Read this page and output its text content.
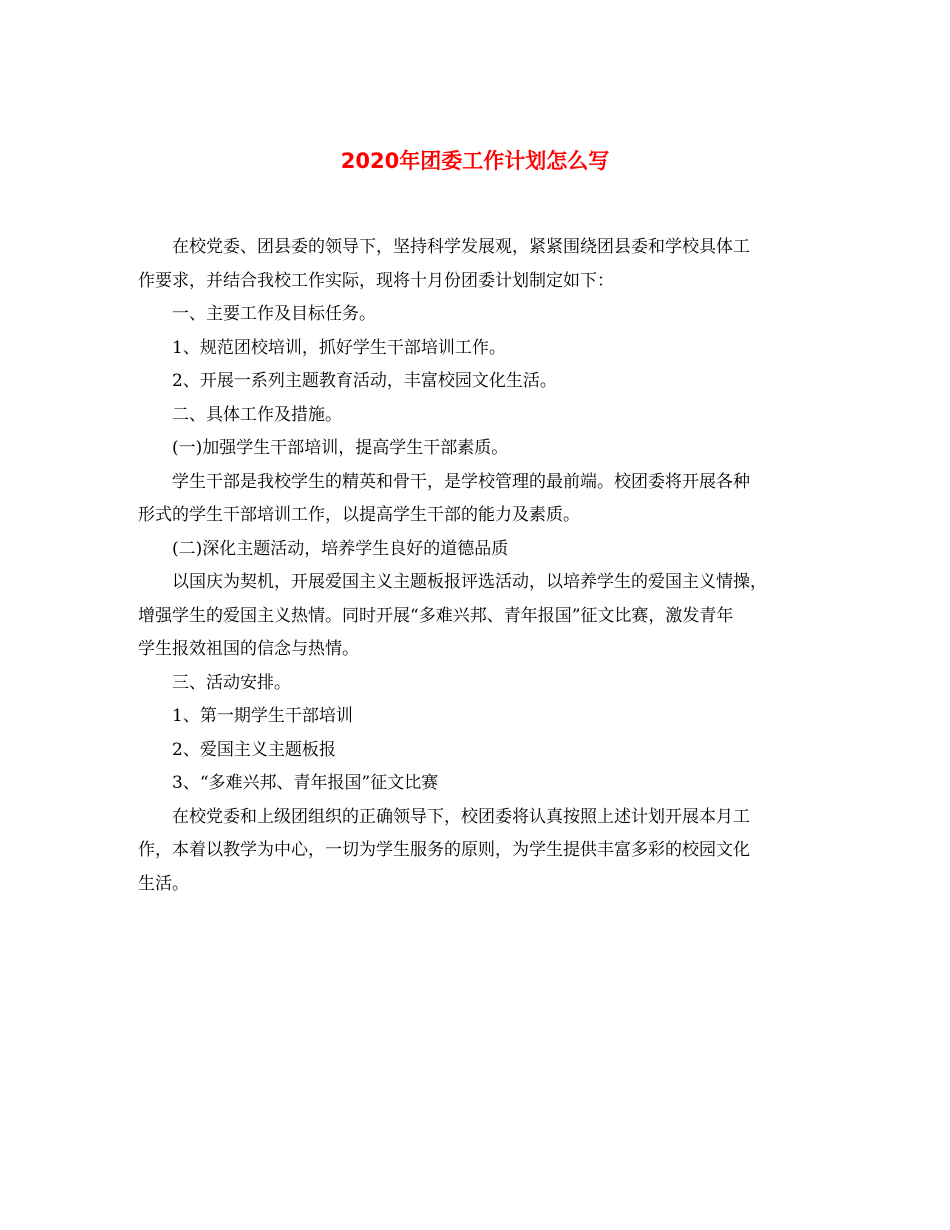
2020年团委工作计划怎么写

在校党委、团县委的领导下，坚持科学发展观，紧紧围绕团县委和学校具体工
作要求，并结合我校工作实际，现将十月份团委计划制定如下：

一、主要工作及目标任务。

1、规范团校培训，抓好学生干部培训工作。

2、开展一系列主题教育活动，丰富校园文化生活。

二、具体工作及措施。

(一)加强学生干部培训，提高学生干部素质。

学生干部是我校学生的精英和骨干，是学校管理的最前端。校团委将开展各种
形式的学生干部培训工作，以提高学生干部的能力及素质。

(二)深化主题活动，培养学生良好的道德品质

以国庆为契机，开展爱国主义主题板报评选活动，以培养学生的爱国主义情操，
增强学生的爱国主义热情。同时开展“多难兴邦、青年报国”征文比赛，激发青年
学生报效祖国的信念与热情。

三、活动安排。

1、第一期学生干部培训

2、爱国主义主题板报

3、“多难兴邦、青年报国”征文比赛

在校党委和上级团组织的正确领导下，校团委将认真按照上述计划开展本月工
作，本着以教学为中心，一切为学生服务的原则，为学生提供丰富多彩的校园文化
生活。
